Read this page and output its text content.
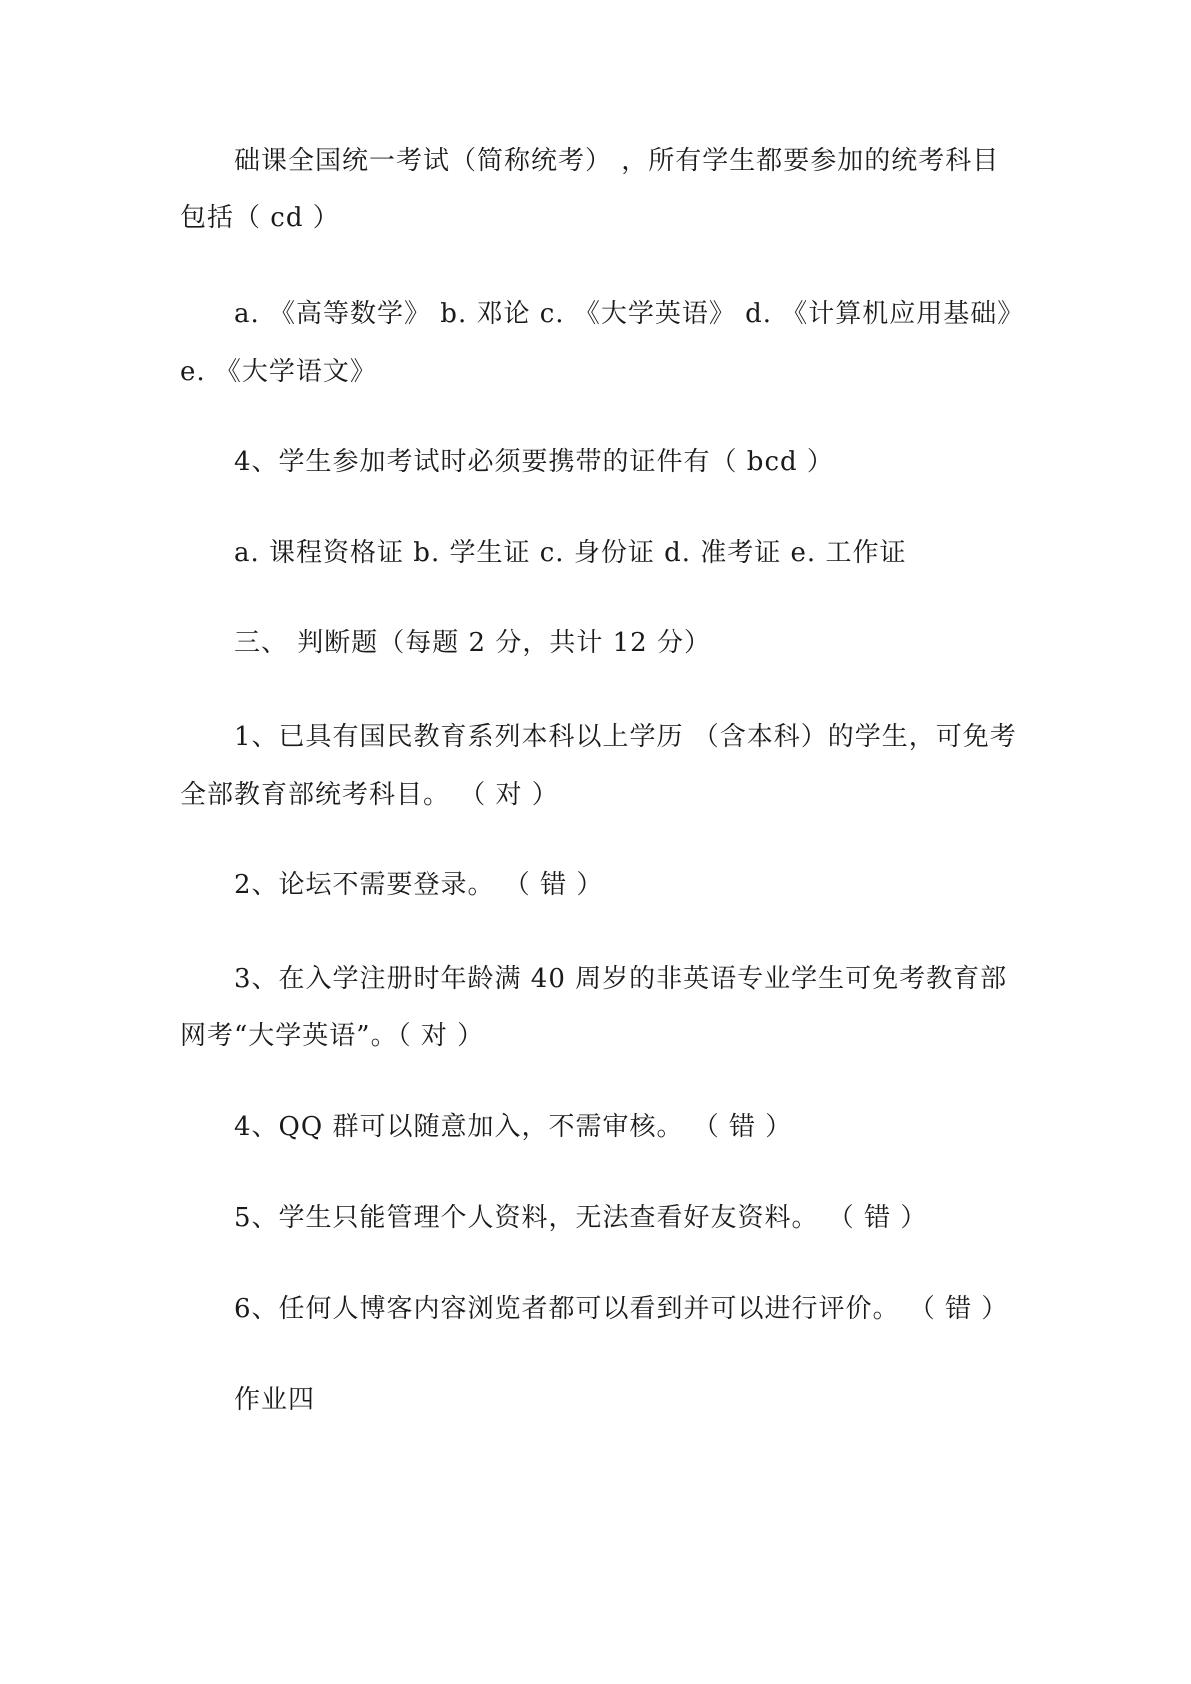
础课全国统一考试（简称统考） ，所有学生都要参加的统考科目
包括（ cd ）
a. 《高等数学》 b. 邓论 c. 《大学英语》 d. 《计算机应用基础》
e. 《大学语文》
4、学生参加考试时必须要携带的证件有（ bcd ）
a. 课程资格证 b. 学生证 c. 身份证 d. 准考证 e. 工作证
三、 判断题（每题 2 分，共计 12 分）
1、已具有国民教育系列本科以上学历 （含本科）的学生，可免考
全部教育部统考科目。 （ 对 ）
2、论坛不需要登录。 （ 错 ）
3、在入学注册时年龄满 40 周岁的非英语专业学生可免考教育部
网考“大学英语”。（ 对 ）
4、QQ 群可以随意加入，不需审核。 （ 错 ）
5、学生只能管理个人资料，无法查看好友资料。 （ 错 ）
6、任何人博客内容浏览者都可以看到并可以进行评价。 （ 错 ）
作业四
